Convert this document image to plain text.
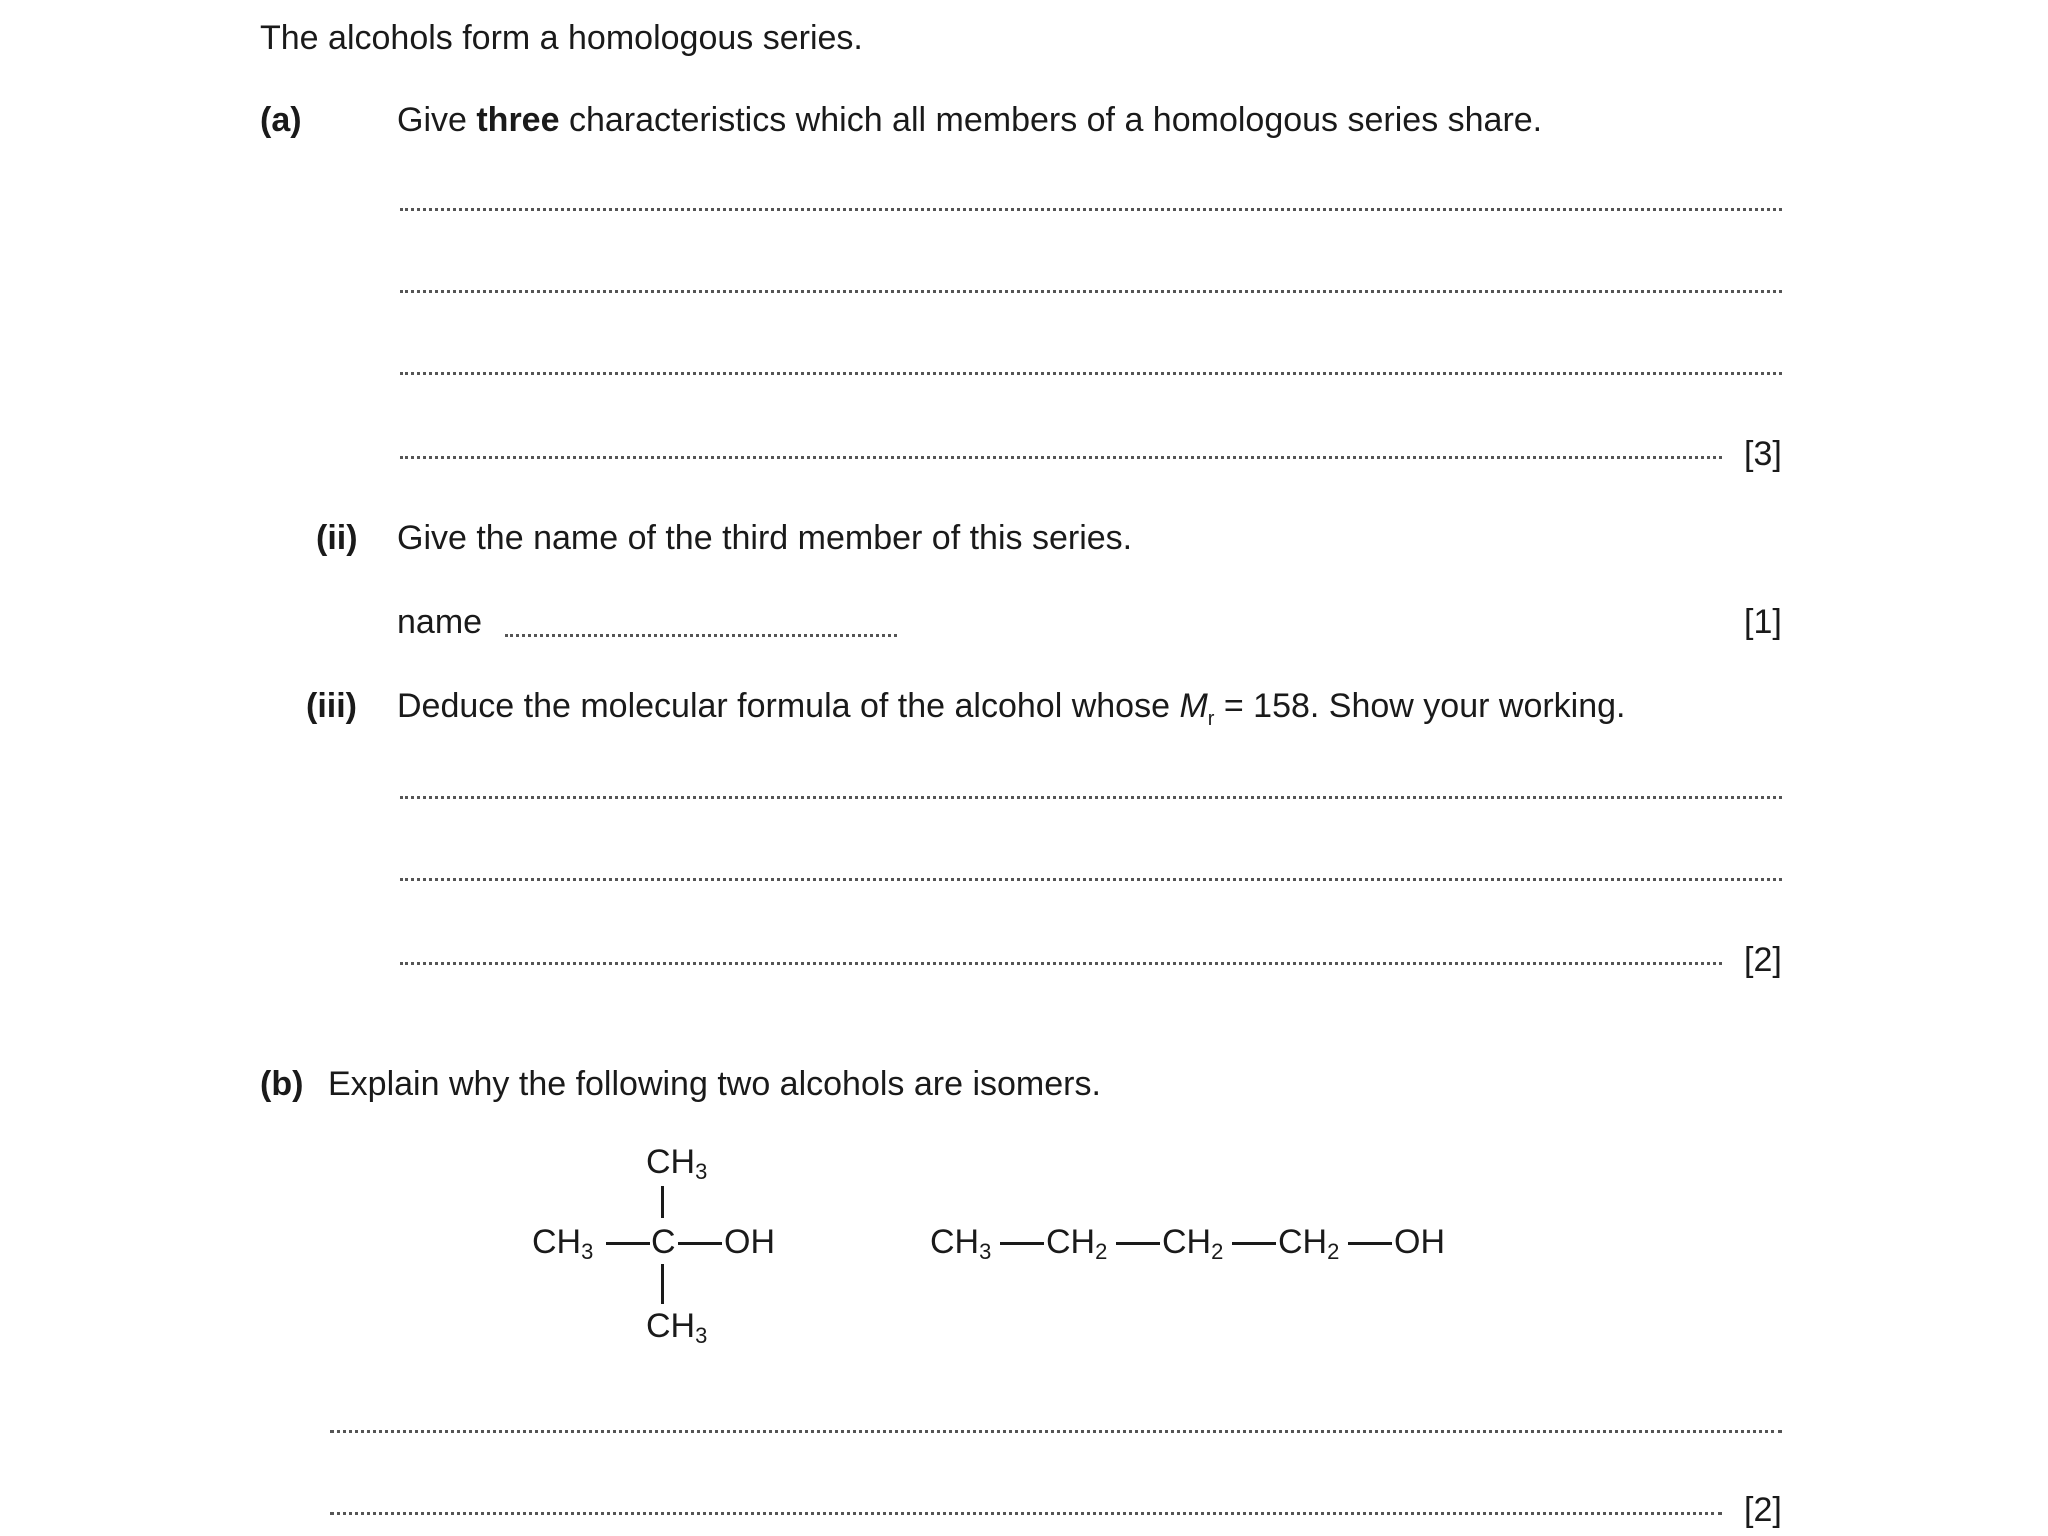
The alcohols form a homologous series.
(a)	Give three characteristics which all members of a homologous series share.
[3]
(ii) Give the name of the third member of this series.
name	[1]
(iii) Deduce the molecular formula of the alcohol whose $M_r = 158$. Show your working.
[2]
(b) Explain why the following two alcohols are isomers.
$CH_3$
$CH_3$ C OH
$CH_3$
$CH_3$ $CH_2$ $CH_2$ $CH_2$ OH
[2]
